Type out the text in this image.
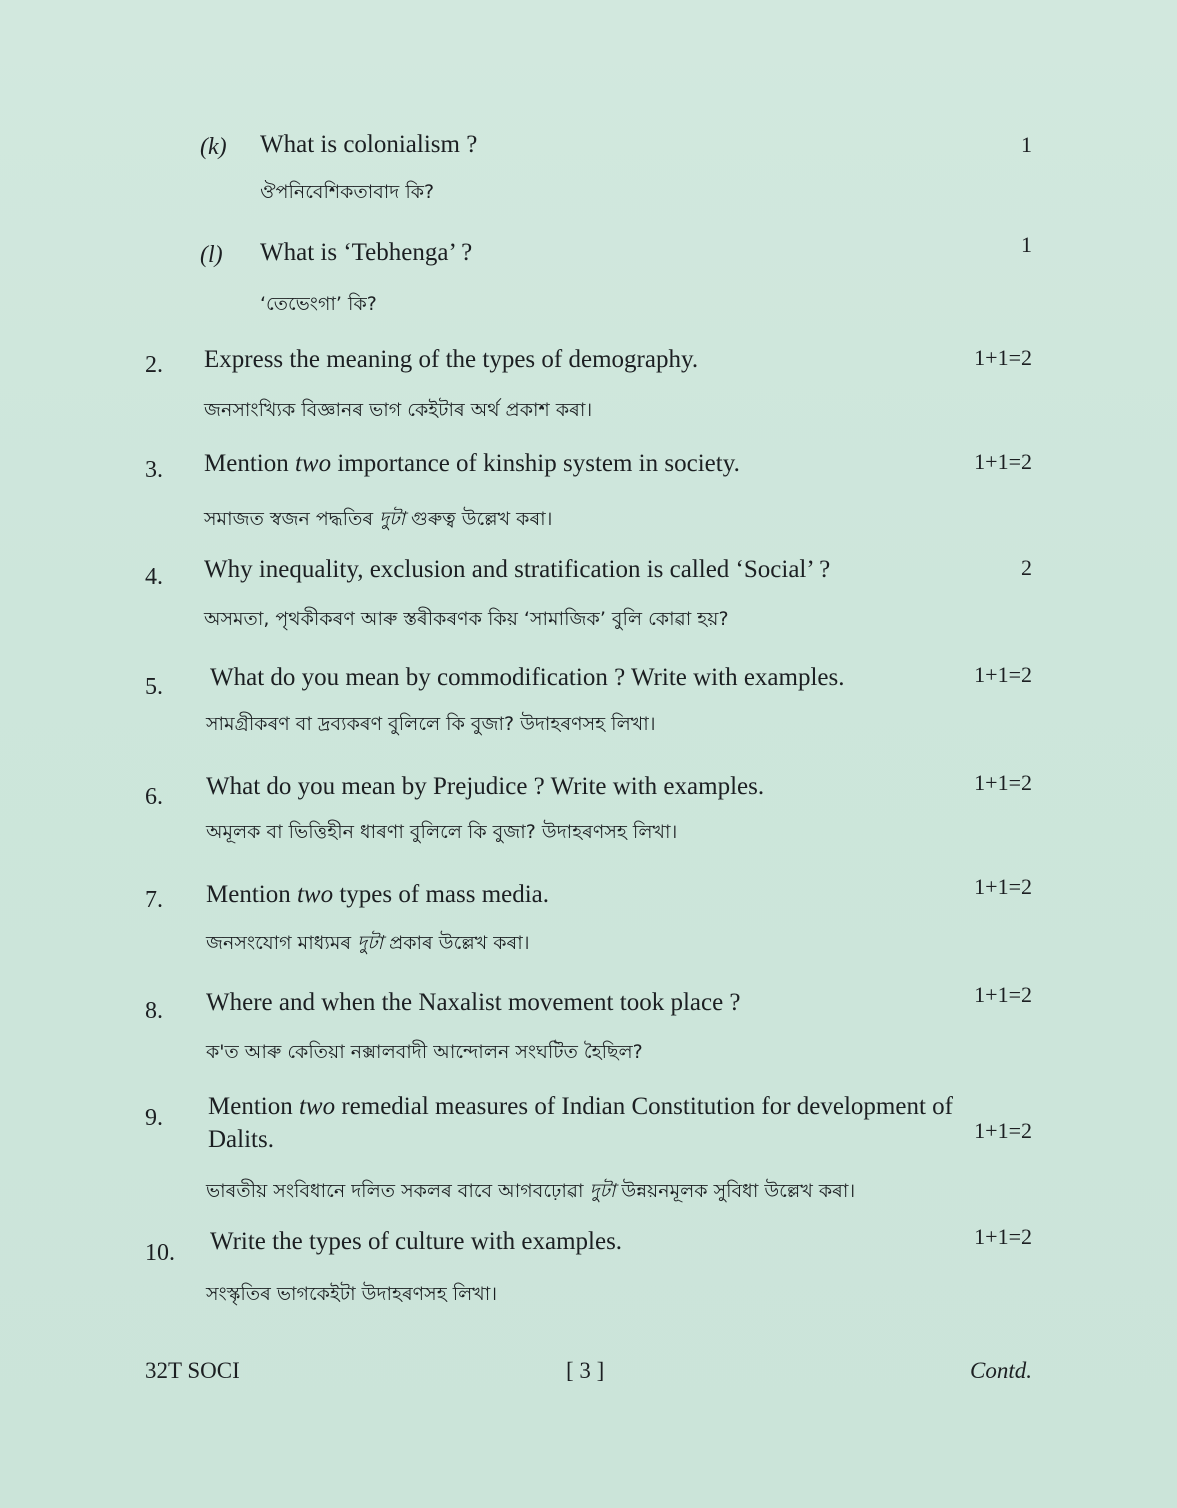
(k) What is colonialism ?	1
ঔপনিবেশিকতাবাদ কি?
(l) What is ‘Tebhenga’ ?	1
‘তেভেংগা’ কি?
2. Express the meaning of the types of demography.	1+1=2
জনসাংখ্যিক বিজ্ঞানৰ ভাগ কেইটাৰ অৰ্থ প্ৰকাশ কৰা।
3. Mention two importance of kinship system in society.	1+1=2
সমাজত স্বজন পদ্ধতিৰ দুটা গুৰুত্ব উল্লেখ কৰা।
4. Why inequality, exclusion and stratification is called ‘Social’ ?	2
অসমতা, পৃথকীকৰণ আৰু স্তৰীকৰণক কিয় ‘সামাজিক’ বুলি কোৱা হয়?
5. What do you mean by commodification ? Write with examples.	1+1=2
সামগ্ৰীকৰণ বা দ্ৰব্যকৰণ বুলিলে কি বুজা? উদাহৰণসহ লিখা।
6. What do you mean by Prejudice ? Write with examples.	1+1=2
অমূলক বা ভিত্তিহীন ধাৰণা বুলিলে কি বুজা? উদাহৰণসহ লিখা।
7. Mention two types of mass media.	1+1=2
জনসংযোগ মাধ্যমৰ দুটা প্ৰকাৰ উল্লেখ কৰা।
8. Where and when the Naxalist movement took place ?	1+1=2
ক'ত আৰু কেতিয়া নক্সালবাদী আন্দোলন সংঘটিত হৈছিল?
9. Mention two remedial measures of Indian Constitution for development of
Dalits.	1+1=2
ভাৰতীয় সংবিধানে দলিত সকলৰ বাবে আগবঢ়োৱা দুটা উন্নয়নমূলক সুবিধা উল্লেখ কৰা।
10. Write the types of culture with examples.	1+1=2
সংস্কৃতিৰ ভাগকেইটা উদাহৰণসহ লিখা।
32T SOCI	[ 3 ]	Contd.
